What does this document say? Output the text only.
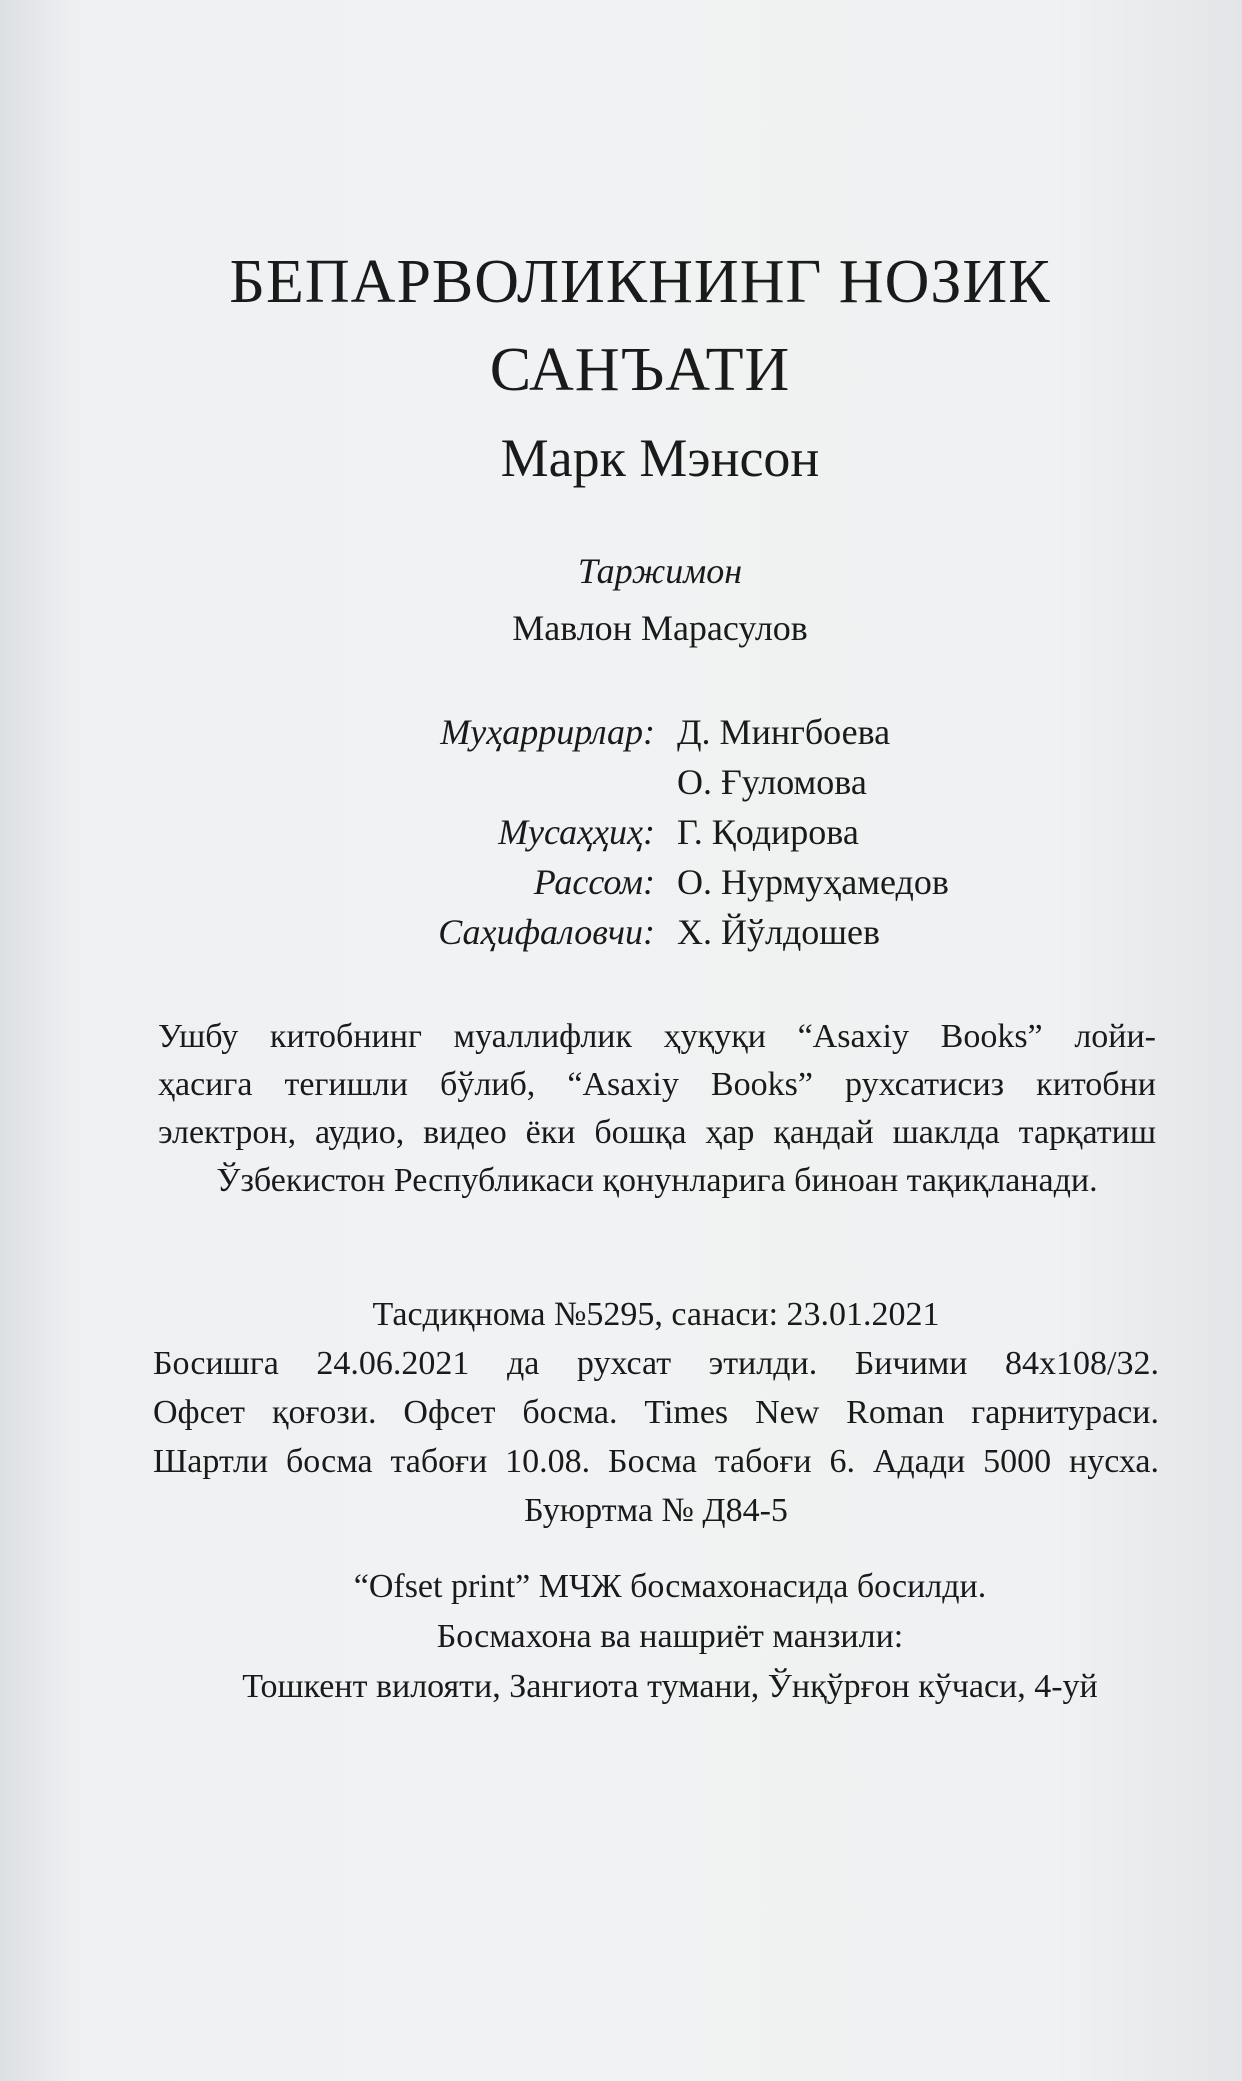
БЕПАРВОЛИКНИНГ НОЗИК
САНЪАТИ
Марк Мэнсон
Таржимон
Мавлон Марасулов
Муҳаррирлар: Д. Мингбоева
О. Ғуломова
Мусаҳҳиҳ: Г. Қодирова
Рассом: О. Нурмуҳамедов
Саҳифаловчи: Х. Йўлдошев
Ушбу китобнинг муаллифлик ҳуқуқи “Asaxiy Books” лойи-
ҳасига тегишли бўлиб, “Asaxiy Books” рухсатисиз китобни
электрон, аудио, видео ёки бошқа ҳар қандай шаклда тарқатиш
Ўзбекистон Республикаси қонунларига биноан тақиқланади.
Тасдиқнома №5295, санаси: 23.01.2021
Босишга 24.06.2021 да рухсат этилди. Бичими 84x108/32.
Офсет қоғози. Офсет босма. Times New Roman гарнитураси.
Шартли босма табоғи 10.08. Босма табоғи 6. Адади 5000 нусха.
Буюртма № Д84-5
“Ofset print” МЧЖ босмахонасида босилди.
Босмахона ва нашриёт манзили:
Тошкент вилояти, Зангиота тумани, Ўнқўрғон кўчаси, 4-уй
